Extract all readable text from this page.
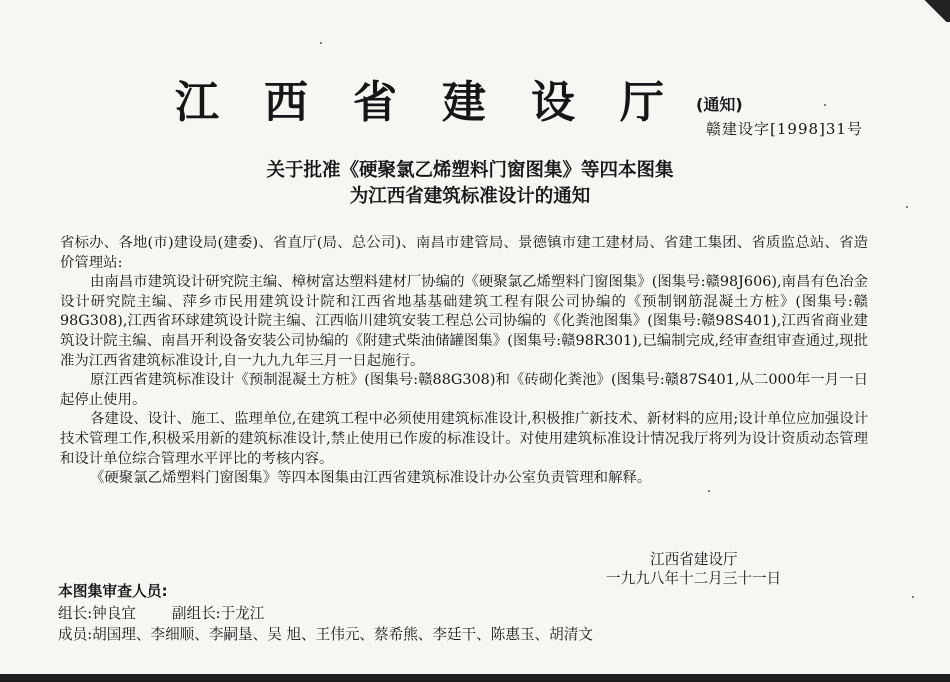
江西省建设厅
(通知)
赣建设字[1998]31号
关于批准《硬聚氯乙烯塑料门窗图集》等四本图集
为江西省建筑标准设计的通知

省标办、各地(市)建设局(建委)、省直厅(局、总公司)、南昌市建管局、景德镇市建工建材局、省建工集团、省质监总站、省造价管理站:

由南昌市建筑设计研究院主编、樟树富达塑料建材厂协编的《硬聚氯乙烯塑料门窗图集》(图集号:赣98J606),南昌有色冶金设计研究院主编、萍乡市民用建筑设计院和江西省地基基础建筑工程有限公司协编的《预制钢筋混凝土方桩》(图集号:赣98G308),江西省环球建筑设计院主编、江西临川建筑安装工程总公司协编的《化粪池图集》(图集号:赣98S401),江西省商业建筑设计院主编、南昌开利设备安装公司协编的《附建式柴油储罐图集》(图集号:赣98R301),已编制完成,经审查组审查通过,现批准为江西省建筑标准设计,自一九九九年三月一日起施行。

原江西省建筑标准设计《预制混凝土方桩》(图集号:赣88G308)和《砖砌化粪池》(图集号:赣87S401,从二000年一月一日起停止使用。

各建设、设计、施工、监理单位,在建筑工程中必须使用建筑标准设计,积极推广新技术、新材料的应用;设计单位应加强设计技术管理工作,积极采用新的建筑标准设计,禁止使用已作废的标准设计。对使用建筑标准设计情况我厅将列为设计资质动态管理和设计单位综合管理水平评比的考核内容。

《硬聚氯乙烯塑料门窗图集》等四本图集由江西省建筑标准设计办公室负责管理和解释。

江西省建设厅
一九九八年十二月三十一日
本图集审查人员:
组长:钟良宜 副组长:于龙江
成员:胡国理、李细顺、李嗣垦、吴 旭、王伟元、蔡希熊、李廷干、陈惠玉、胡清文
